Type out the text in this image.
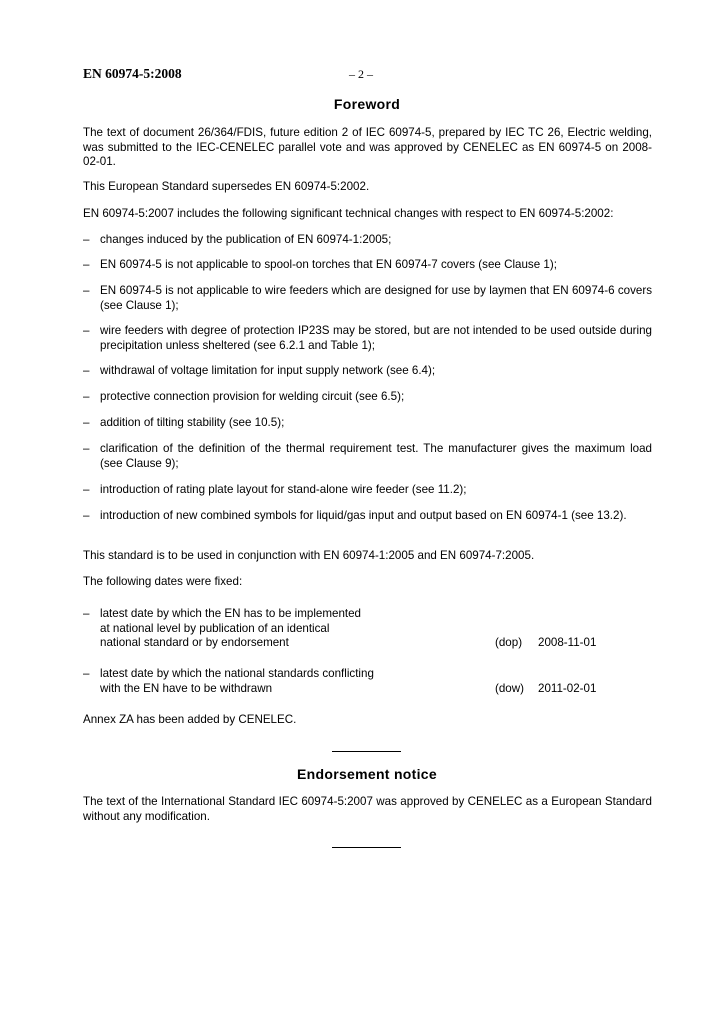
EN 60974-5:2008	– 2 –
Foreword

The text of document 26/364/FDIS, future edition 2 of IEC 60974-5, prepared by IEC TC 26, Electric welding, was submitted to the IEC-CENELEC parallel vote and was approved by CENELEC as EN 60974-5 on 2008-02-01.

This European Standard supersedes EN 60974-5:2002.

EN 60974-5:2007 includes the following significant technical changes with respect to EN 60974-5:2002:

– changes induced by the publication of EN 60974-1:2005;
– EN 60974-5 is not applicable to spool-on torches that EN 60974-7 covers (see Clause 1);
– EN 60974-5 is not applicable to wire feeders which are designed for use by laymen that EN 60974-6 covers (see Clause 1);
– wire feeders with degree of protection IP23S may be stored, but are not intended to be used outside during precipitation unless sheltered (see 6.2.1 and Table 1);
– withdrawal of voltage limitation for input supply network (see 6.4);
– protective connection provision for welding circuit (see 6.5);
– addition of tilting stability (see 10.5);
– clarification of the definition of the thermal requirement test. The manufacturer gives the maximum load (see Clause 9);
– introduction of rating plate layout for stand-alone wire feeder (see 11.2);
– introduction of new combined symbols for liquid/gas input and output based on EN 60974-1 (see 13.2).

This standard is to be used in conjunction with EN 60974-1:2005 and EN 60974-7:2005.

The following dates were fixed:

– latest date by which the EN has to be implemented
at national level by publication of an identical
national standard or by endorsement	(dop) 2008-11-01
– latest date by which the national standards conflicting
with the EN have to be withdrawn	(dow) 2011-02-01

Annex ZA has been added by CENELEC.

Endorsement notice

The text of the International Standard IEC 60974-5:2007 was approved by CENELEC as a European Standard without any modification.
